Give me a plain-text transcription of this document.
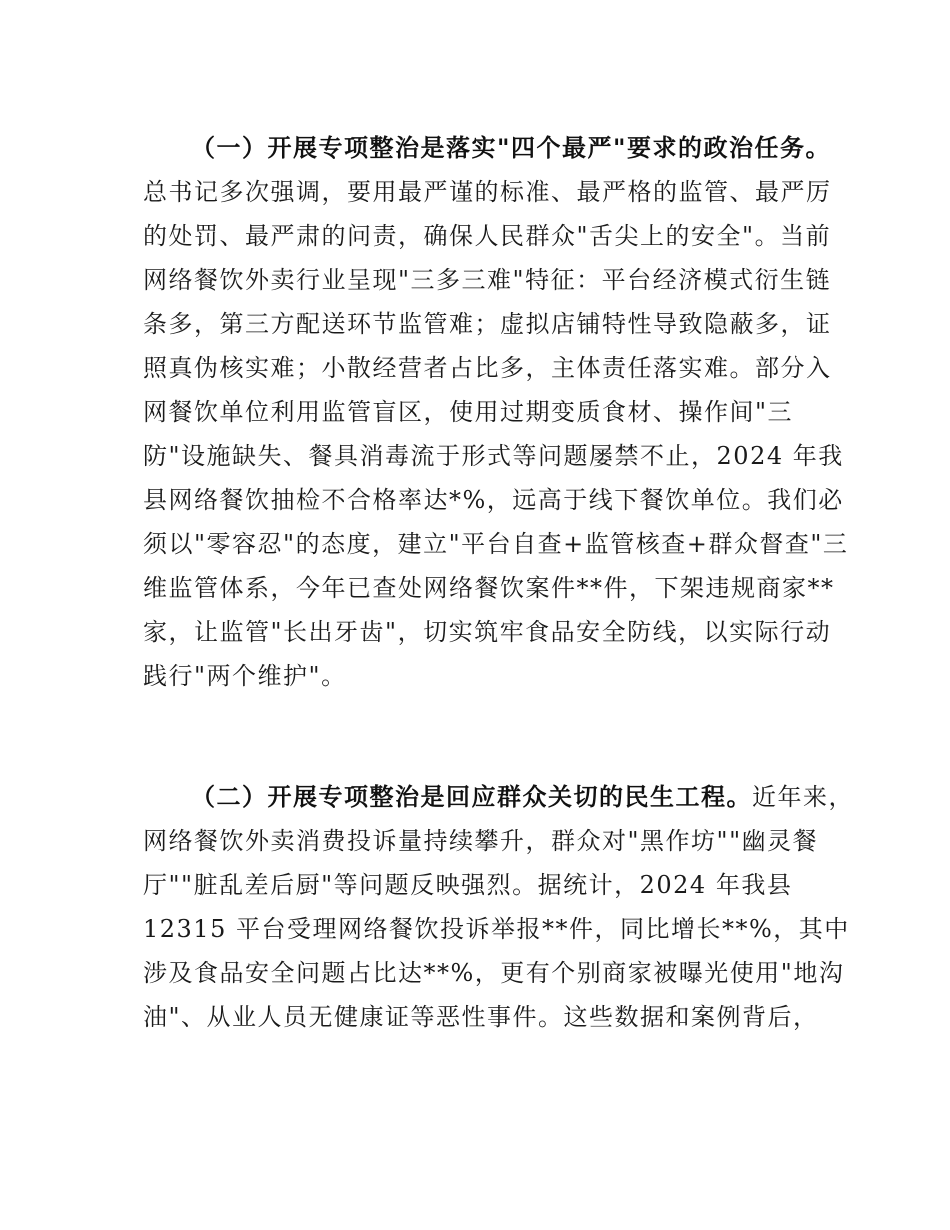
（一）开展专项整治是落实"四个最严"要求的政治任务。
总书记多次强调，要用最严谨的标准、最严格的监管、最严厉
的处罚、最严肃的问责，确保人民群众"舌尖上的安全"。当前
网络餐饮外卖行业呈现"三多三难"特征：平台经济模式衍生链
条多，第三方配送环节监管难；虚拟店铺特性导致隐蔽多，证
照真伪核实难；小散经营者占比多，主体责任落实难。部分入
网餐饮单位利用监管盲区，使用过期变质食材、操作间"三
防"设施缺失、餐具消毒流于形式等问题屡禁不止，2024 年我
县网络餐饮抽检不合格率达*%，远高于线下餐饮单位。我们必
须以"零容忍"的态度，建立"平台自查+监管核查+群众督查"三
维监管体系，今年已查处网络餐饮案件**件，下架违规商家**
家，让监管"长出牙齿"，切实筑牢食品安全防线，以实际行动
践行"两个维护"。
（二）开展专项整治是回应群众关切的民生工程。近年来，
网络餐饮外卖消费投诉量持续攀升，群众对"黑作坊""幽灵餐
厅""脏乱差后厨"等问题反映强烈。据统计，2024 年我县
12315 平台受理网络餐饮投诉举报**件，同比增长**%，其中
涉及食品安全问题占比达**%，更有个别商家被曝光使用"地沟
油"、从业人员无健康证等恶性事件。这些数据和案例背后，
